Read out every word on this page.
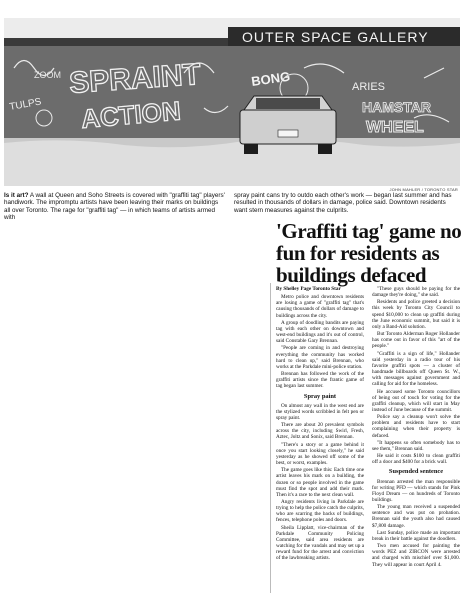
OUTER SPACE GALLERY
SPRAINT
ACTION
ARIES
HAMSTAR
WHEEL
TULPS
BONG
ZOOM
JOHN MAHLER / TORONTO STAR
Is it art? A wall at Queen and Soho Streets is covered with "graffiti tag" players' handiwork. The impromptu artists have been leaving their marks on buildings all over Toronto. The rage for "graffiti tag" — in which teams of artists armed with
spray paint cans try to outdo each other's work — began last summer and has resulted in thousands of dollars in damage, police said. Downtown residents want stern measures against the culprits.
'Graffiti tag' game no fun for residents as buildings defaced
By Shelley Page Toronto Star

Metro police and downtown residents are losing a game of "graffiti tag" that's causing thousands of dollars of damage to buildings across the city.

A group of doodling bandits are paying tag with each other on downtown and west-end buildings and it's out of control, said Constable Gary Brennan.

"People are coming in and destroying everything the community has worked hard to clean up," said Brennan, who works at the Parkdale mini-police station.

Brennan has followed the work of the graffiti artists since the frantic game of tag began last summer.

Spray paint

On almost any wall in the west end are the stylized words scribbled in felt pen or spray paint.

There are about 20 prevalent symbols across the city, including Swirl, Fresh, Aztec, Joltz and Sonix, said Brennan.

"There's a story or a game behind it once you start looking closely," he said yesterday as he showed off some of the best, or worst, examples.

The game goes like this: Each time one artist leaves his mark on a building, the dozen or so people involved in the game must find the spot and add their mark. Then it's a race to the next clean wall.

Angry residents living in Parkdale are trying to help the police catch the culprits, who are scarring the backs of buildings, fences, telephone poles and doors.

Sheila Lipplatt, vice-chairman of the Parkdale Community Policing Committee, said area residents are watching for the vandals and may set up a reward fund for the arrest and conviction of the lawbreaking artists.

"These guys should be paying for the damage they're doing," she said.

Residents and police greeted a decision this week by Toronto City Council to spend $10,000 to clean up graffiti during the June economic summit, but said it is only a Band-Aid solution.

But Toronto Alderman Roger Hollander has come out in favor of this "art of the people."

"Graffiti is a sign of life," Hollander said yesterday in a radio tour of his favorite graffiti spots — a cluster of handmade billboards off Queen St. W., with messages against government and calling for aid for the homeless.

He accused some Toronto councillors of being out of touch for voting for the graffiti cleanup, which will start in May instead of June because of the summit.

Police say a cleanup won't solve the problem and residents have to start complaining when their property is defaced.

"It happens so often somebody has to see them," Brennan said.

He said it costs $100 to clean graffiti off a door and $400 for a brick wall.

Suspended sentence

Brennan arrested the man responsible for writing PFD — which stands for Pink Floyd Dream — on hundreds of Toronto buildings.

The young man received a suspended sentence and was put on probation. Brennan said the youth also had caused $7,800 damage.

Last Sunday, police made an important break in their battle against the doodlers.

Two men accused for painting the words PEZ and ZIRCON were arrested and charged with mischief over $1,000. They will appear in court April 4.
